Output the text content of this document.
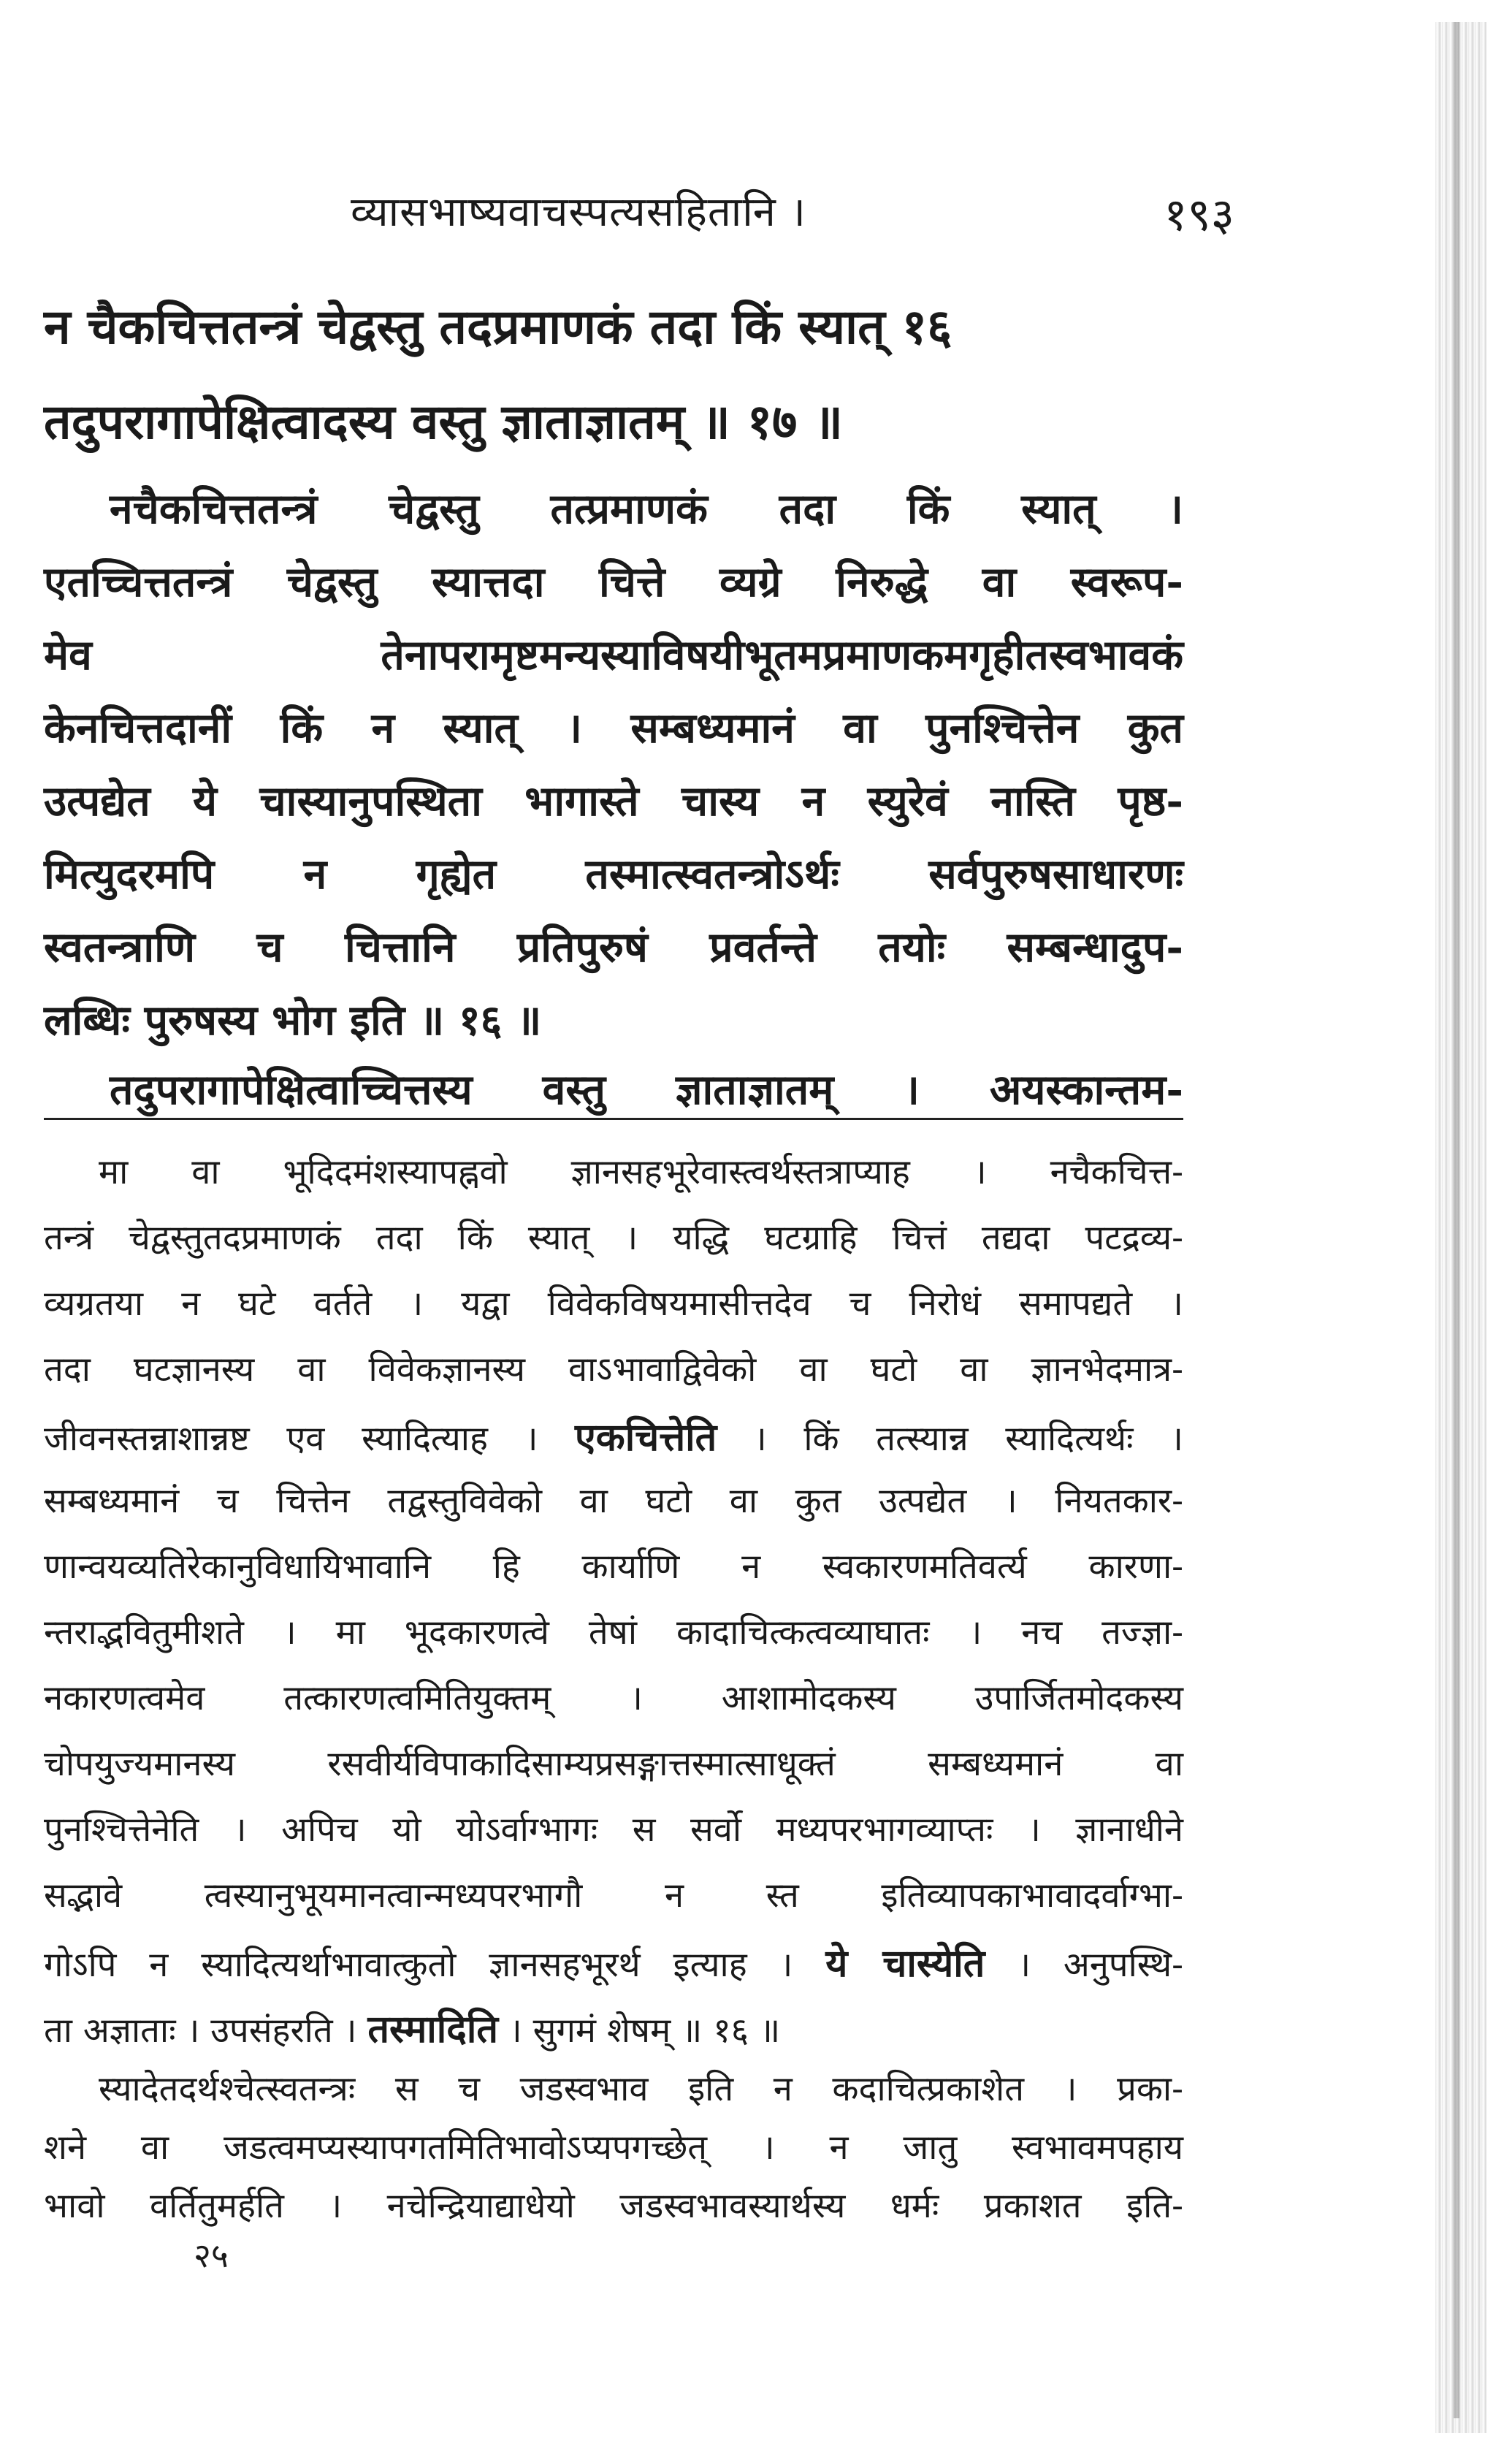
व्यासभाष्यवाचस्पत्यसहितानि ।	१९३
न चैकचित्ततन्त्रं चेद्वस्तु तदप्रमाणकं तदा किं स्यात् १६
तदुपरागापेक्षित्वादस्य वस्तु ज्ञाताज्ञातम् ॥ १७ ॥
नचैकचित्ततन्त्रं चेद्वस्तु तत्प्रमाणकं तदा किं स्यात् ।
एतच्चित्ततन्त्रं चेद्वस्तु स्यात्तदा चित्ते व्यग्रे निरुद्धे वा स्वरूप-
मेव तेनापरामृष्टमन्यस्याविषयीभूतमप्रमाणकमगृहीतस्वभावकं
केनचित्तदानीं किं न स्यात् । सम्बध्यमानं वा पुनश्चित्तेन कुत
उत्पद्येत ये चास्यानुपस्थिता भागास्ते चास्य न स्युरेवं नास्ति पृष्ठ-
मित्युदरमपि न गृह्येत तस्मात्स्वतन्त्रोऽर्थः सर्वपुरुषसाधारणः
स्वतन्त्राणि च चित्तानि प्रतिपुरुषं प्रवर्तन्ते तयोः सम्बन्धादुप-
लब्धिः पुरुषस्य भोग इति ॥ १६ ॥
तदुपरागापेक्षित्वाच्चित्तस्य वस्तु ज्ञाताज्ञातम् । अयस्कान्तम-
मा वा भूदिदमंशस्यापह्नवो ज्ञानसहभूरेवास्त्वर्थस्तत्राप्याह । नचैकचित्त-
तन्त्रं चेद्वस्तुतदप्रमाणकं तदा किं स्यात् । यद्धि घटग्राहि चित्तं तद्यदा पटद्रव्य-
व्यग्रतया न घटे वर्तते । यद्वा विवेकविषयमासीत्तदेव च निरोधं समापद्यते ।
तदा घटज्ञानस्य वा विवेकज्ञानस्य वाऽभावाद्विवेको वा घटो वा ज्ञानभेदमात्र-
जीवनस्तन्नाशान्नष्ट एव स्यादित्याह । एकचित्तेति । किं तत्स्यान्न स्यादित्यर्थः ।
सम्बध्यमानं च चित्तेन तद्वस्तुविवेको वा घटो वा कुत उत्पद्येत । नियतकार-
णान्वयव्यतिरेकानुविधायिभावानि हि कार्याणि न स्वकारणमतिवर्त्य कारणा-
न्तराद्भवितुमीशते । मा भूदकारणत्वे तेषां कादाचित्कत्वव्याघातः । नच तज्ज्ञा-
नकारणत्वमेव तत्कारणत्वमितियुक्तम् । आशामोदकस्य उपार्जितमोदकस्य
चोपयुज्यमानस्य रसवीर्यविपाकादिसाम्यप्रसङ्गात्तस्मात्साधूक्तं सम्बध्यमानं वा
पुनश्चित्तेनेति । अपिच यो योऽर्वाग्भागः स सर्वो मध्यपरभागव्याप्तः । ज्ञानाधीने
सद्भावे त्वस्यानुभूयमानत्वान्मध्यपरभागौ न स्त इतिव्यापकाभावादर्वाग्भा-
गोऽपि न स्यादित्यर्थाभावात्कुतो ज्ञानसहभूरर्थ इत्याह । ये चास्येति । अनुपस्थि-
ता अज्ञाताः । उपसंहरति । तस्मादिति । सुगमं शेषम् ॥ १६ ॥
स्यादेतदर्थश्चेत्स्वतन्त्रः स च जडस्वभाव इति न कदाचित्प्रकाशेत । प्रका-
शने वा जडत्वमप्यस्यापगतमितिभावोऽप्यपगच्छेत् । न जातु स्वभावमपहाय
भावो वर्तितुमर्हति । नचेन्द्रियाद्याधेयो जडस्वभावस्यार्थस्य धर्मः प्रकाशत इति-
२५
